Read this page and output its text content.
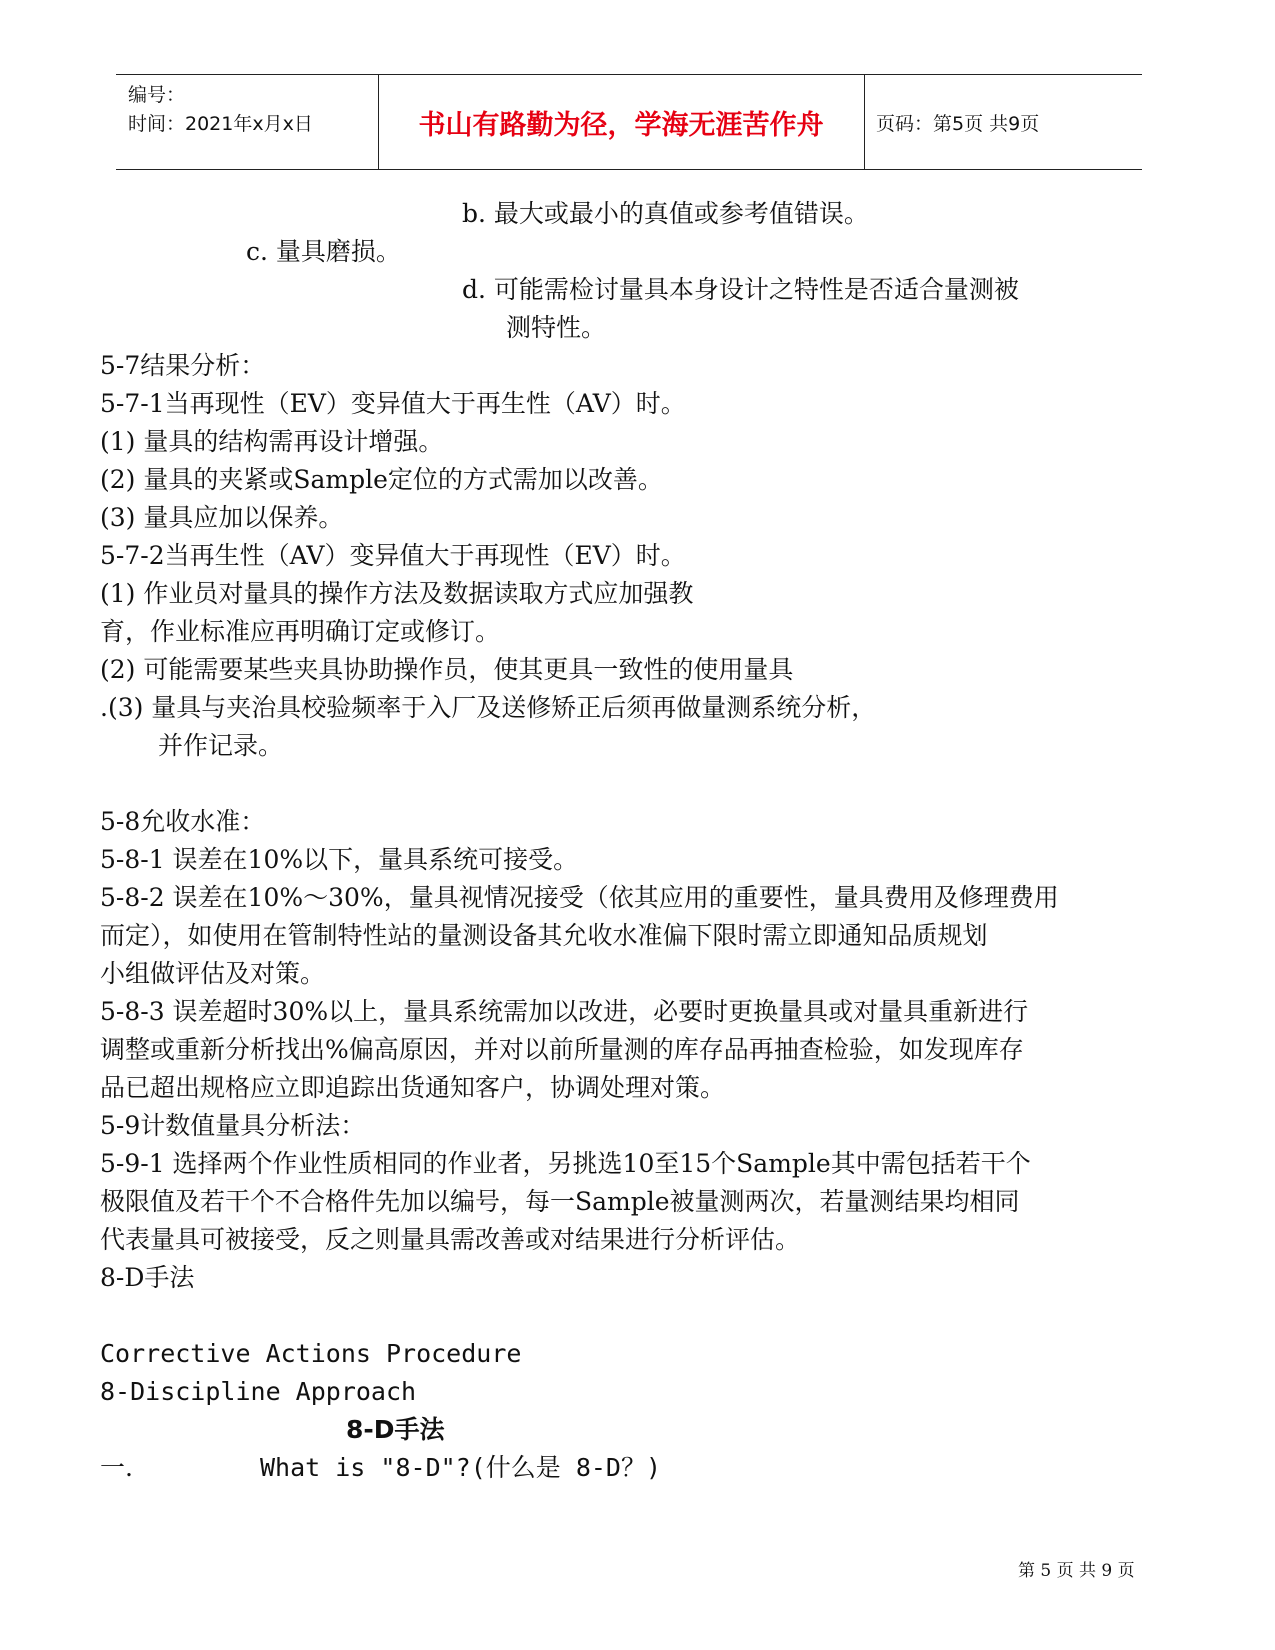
编号：
时间：2021年x月x日	书山有路勤为径，学海无涯苦作舟	页码：第5页 共9页
b. 最大或最小的真值或参考值错误。
c. 量具磨损。
d. 可能需检讨量具本身设计之特性是否适合量测被
测特性。
5-7结果分析：
5-7-1当再现性（EV）变异值大于再生性（AV）时。
(1) 量具的结构需再设计增强。
(2) 量具的夹紧或Sample定位的方式需加以改善。
(3) 量具应加以保养。
5-7-2当再生性（AV）变异值大于再现性（EV）时。
(1) 作业员对量具的操作方法及数据读取方式应加强教
育，作业标准应再明确订定或修订。
(2) 可能需要某些夹具协助操作员，使其更具一致性的使用量具
.(3) 量具与夹治具校验频率于入厂及送修矫正后须再做量测系统分析，
并作记录。
5-8允收水准：
5-8-1 误差在10%以下，量具系统可接受。
5-8-2 误差在10%～30%，量具视情况接受（依其应用的重要性，量具费用及修理费用
而定），如使用在管制特性站的量测设备其允收水准偏下限时需立即通知品质规划
小组做评估及对策。
5-8-3 误差超时30%以上，量具系统需加以改进，必要时更换量具或对量具重新进行
调整或重新分析找出%偏高原因，并对以前所量测的库存品再抽查检验，如发现库存
品已超出规格应立即追踪出货通知客户，协调处理对策。
5-9计数值量具分析法：
5-9-1 选择两个作业性质相同的作业者，另挑选10至15个Sample其中需包括若干个
极限值及若干个不合格件先加以编号，每一Sample被量测两次，若量测结果均相同
代表量具可被接受，反之则量具需改善或对结果进行分析评估。
8-D手法
Corrective Actions Procedure
8-Discipline Approach
8-D手法
一.	What is "8-D"?(什么是 8-D？)
第 5 页 共 9 页
